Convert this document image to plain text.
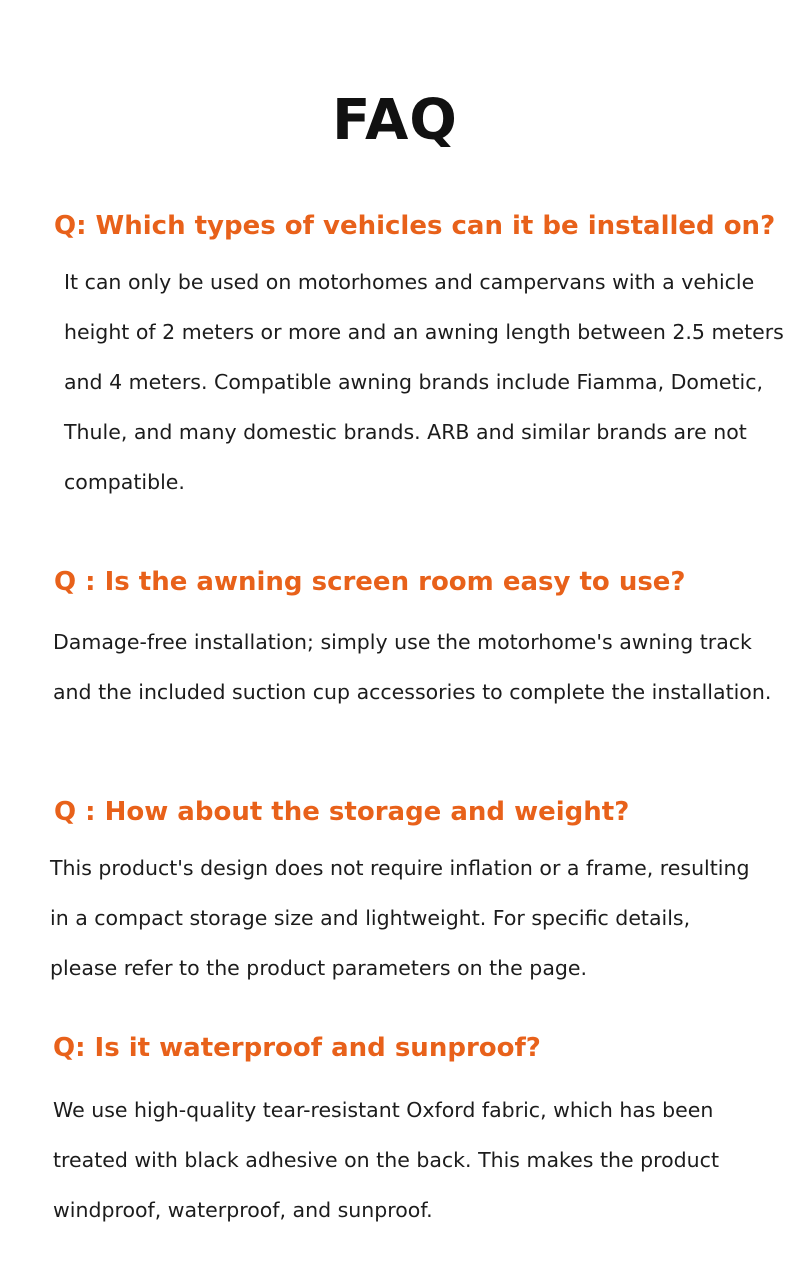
FAQ

Q: Which types of vehicles can it be installed on?

It can only be used on motorhomes and campervans with a vehicle

height of 2 meters or more and an awning length between 2.5 meters

and 4 meters. Compatible awning brands include Fiamma, Dometic,

Thule, and many domestic brands. ARB and similar brands are not

compatible.

Q : Is the awning screen room easy to use?

Damage-free installation; simply use the motorhome's awning track

and the included suction cup accessories to complete the installation.

Q : How about the storage and weight?

This product's design does not require inflation or a frame, resulting

in a compact storage size and lightweight. For specific details,

please refer to the product parameters on the page.

Q: Is it waterproof and sunproof?

We use high-quality tear-resistant Oxford fabric, which has been

treated with black adhesive on the back. This makes the product

windproof, waterproof, and sunproof.
